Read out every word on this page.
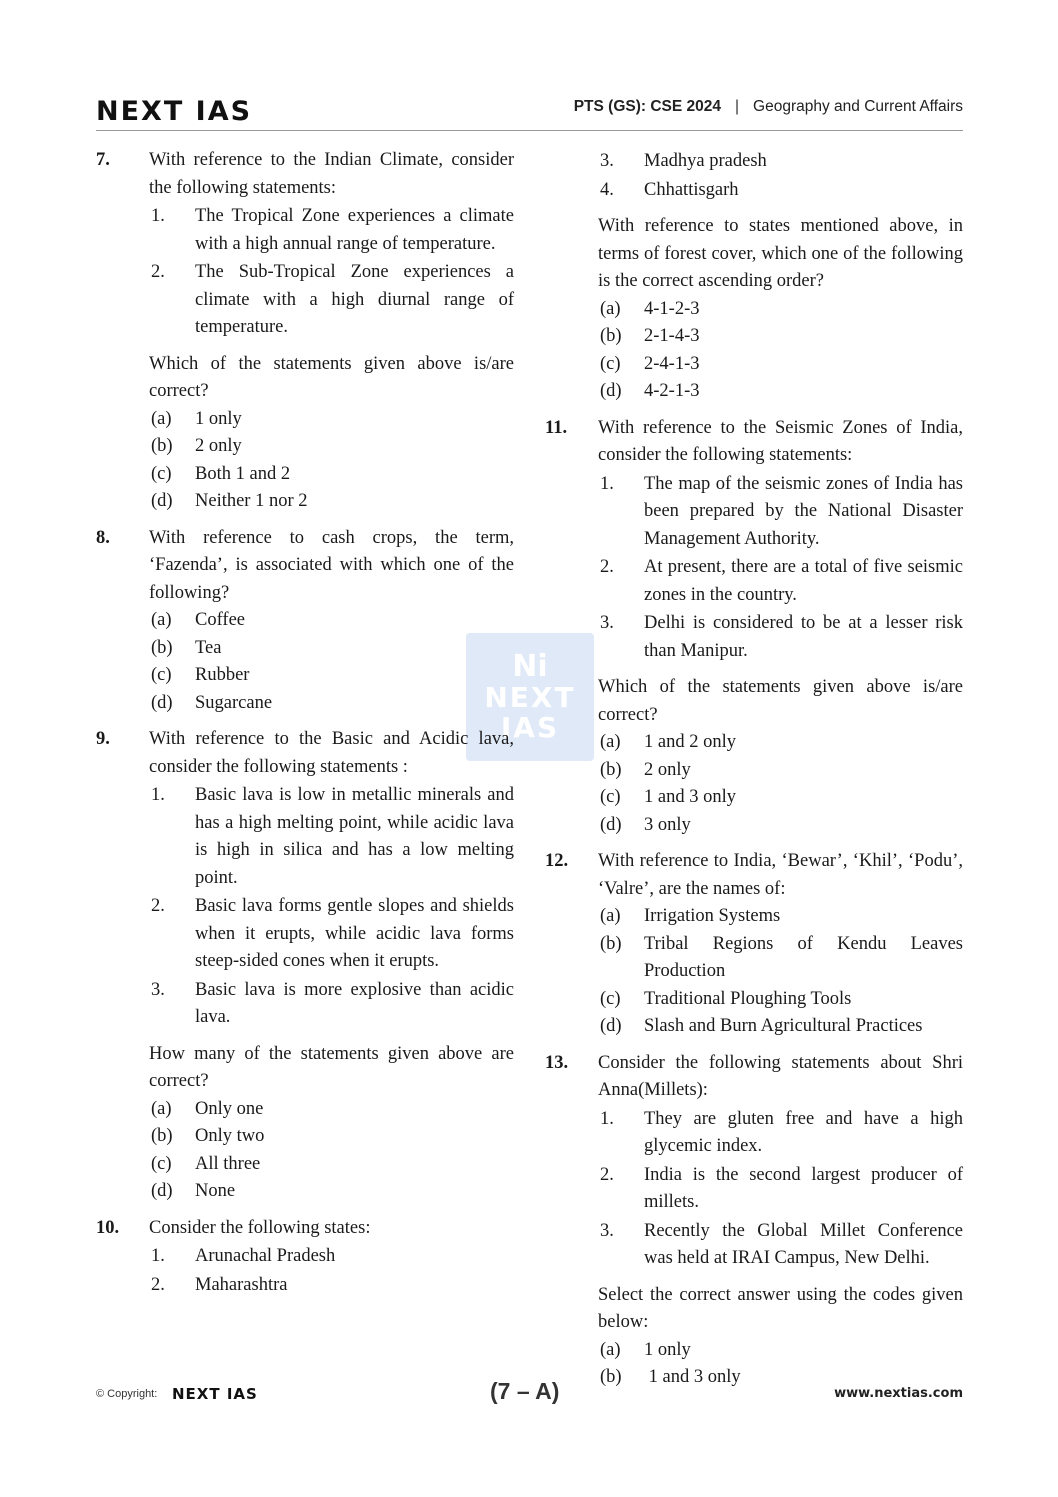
NEXT IAS	PTS (GS): CSE 2024 | Geography and Current Affairs
Ni
NEXT
IAS
7. With reference to the Indian Climate, consider the following statements:
1. The Tropical Zone experiences a climate with a high annual range of temperature.
2. The Sub-Tropical Zone experiences a climate with a high diurnal range of temperature.
Which of the statements given above is/are correct?
(a) 1 only
(b) 2 only
(c) Both 1 and 2
(d) Neither 1 nor 2
8. With reference to cash crops, the term, ‘Fazenda’, is associated with which one of the following?
(a) Coffee
(b) Tea
(c) Rubber
(d) Sugarcane
9. With reference to the Basic and Acidic lava, consider the following statements :
1. Basic lava is low in metallic minerals and has a high melting point, while acidic lava is high in silica and has a low melting point.
2. Basic lava forms gentle slopes and shields when it erupts, while acidic lava forms steep-sided cones when it erupts.
3. Basic lava is more explosive than acidic lava.
How many of the statements given above are correct?
(a) Only one
(b) Only two
(c) All three
(d) None
10. Consider the following states:
1. Arunachal Pradesh
2. Maharashtra
3. Madhya pradesh
4. Chhattisgarh
With reference to states mentioned above, in terms of forest cover, which one of the following is the correct ascending order?
(a) 4-1-2-3
(b) 2-1-4-3
(c) 2-4-1-3
(d) 4-2-1-3
11. With reference to the Seismic Zones of India, consider the following statements:
1. The map of the seismic zones of India has been prepared by the National Disaster Management Authority.
2. At present, there are a total of five seismic zones in the country.
3. Delhi is considered to be at a lesser risk than Manipur.
Which of the statements given above is/are correct?
(a) 1 and 2 only
(b) 2 only
(c) 1 and 3 only
(d) 3 only
12. With reference to India, ‘Bewar’, ‘Khil’, ‘Podu’, ‘Valre’, are the names of:
(a) Irrigation Systems
(b) Tribal Regions of Kendu Leaves Production
(c) Traditional Ploughing Tools
(d) Slash and Burn Agricultural Practices
13. Consider the following statements about Shri Anna(Millets):
1. They are gluten free and have a high glycemic index.
2. India is the second largest producer of millets.
3. Recently the Global Millet Conference was held at IRAI Campus, New Delhi.
Select the correct answer using the codes given below:
(a) 1 only
(b) 1 and 3 only
© Copyright: NEXT IAS	(7 – A)	www.nextias.com
